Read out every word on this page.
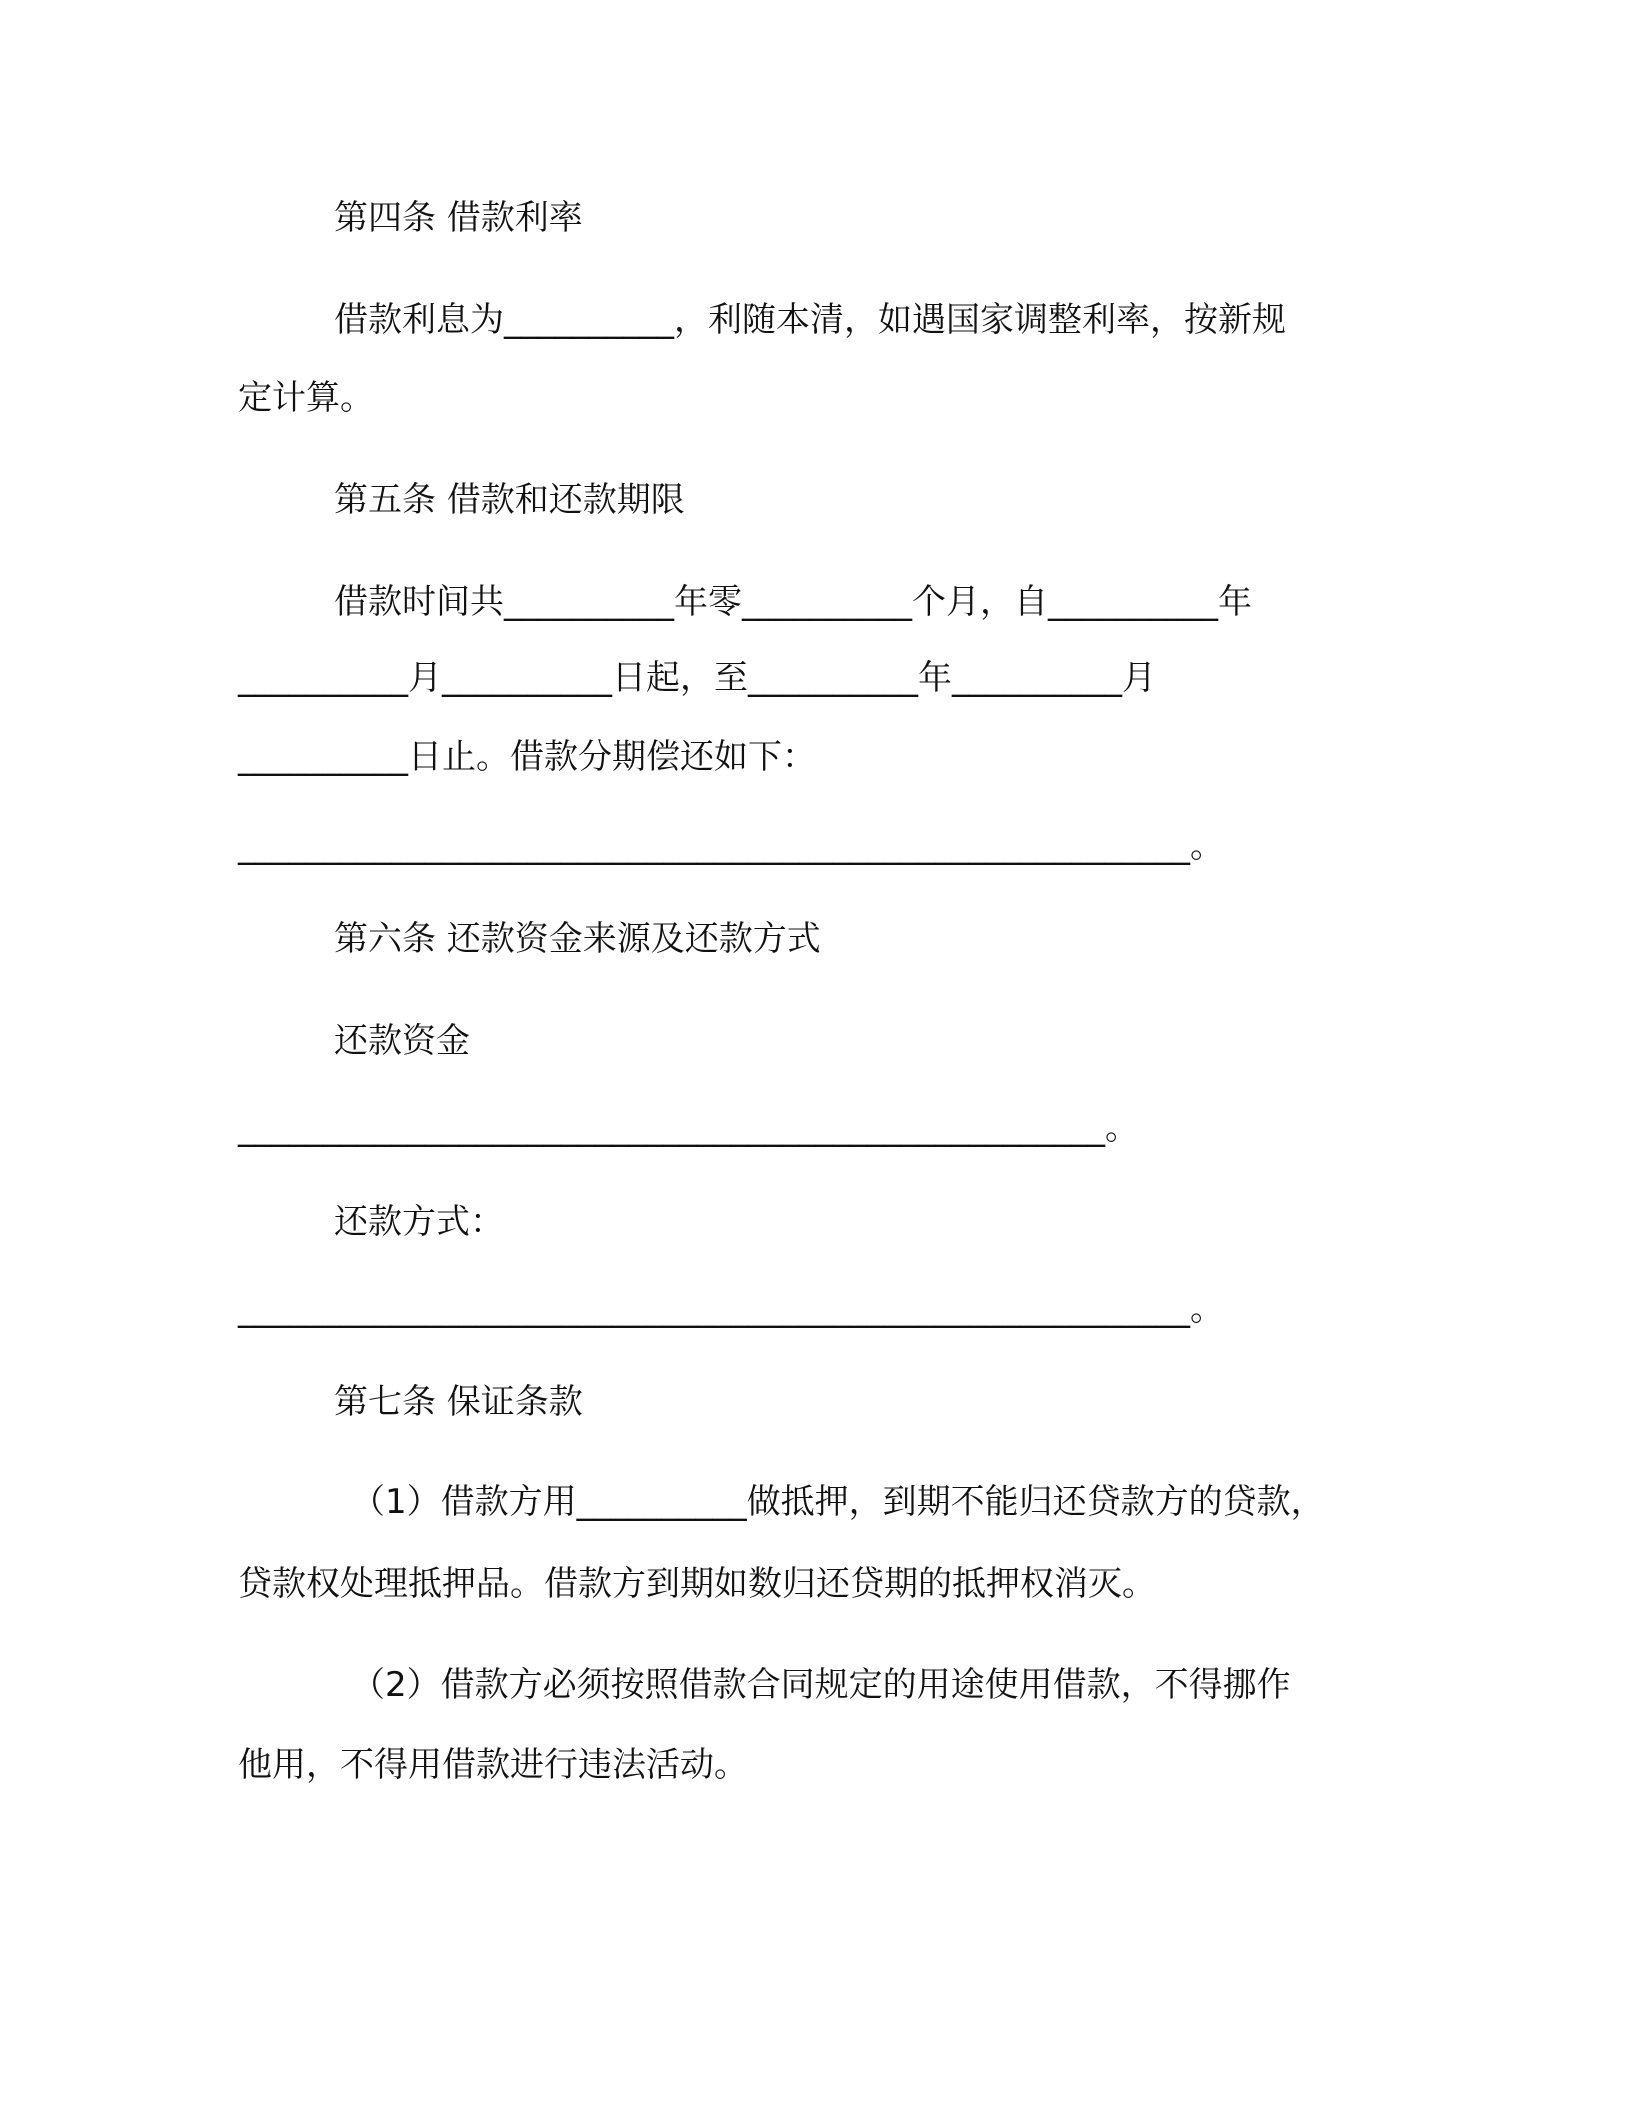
第四条 借款利率
借款利息为__________，利随本清，如遇国家调整利率，按新规
定计算。
第五条 借款和还款期限
借款时间共__________年零__________个月，自__________年
__________月__________日起，至__________年__________月
__________日止。借款分期偿还如下：
________________________________________________________。
第六条 还款资金来源及还款方式
还款资金
___________________________________________________。
还款方式：
________________________________________________________。
第七条 保证条款
（1）借款方用__________做抵押，到期不能归还贷款方的贷款，
贷款权处理抵押品。借款方到期如数归还贷期的抵押权消灭。
（2）借款方必须按照借款合同规定的用途使用借款，不得挪作
他用，不得用借款进行违法活动。
